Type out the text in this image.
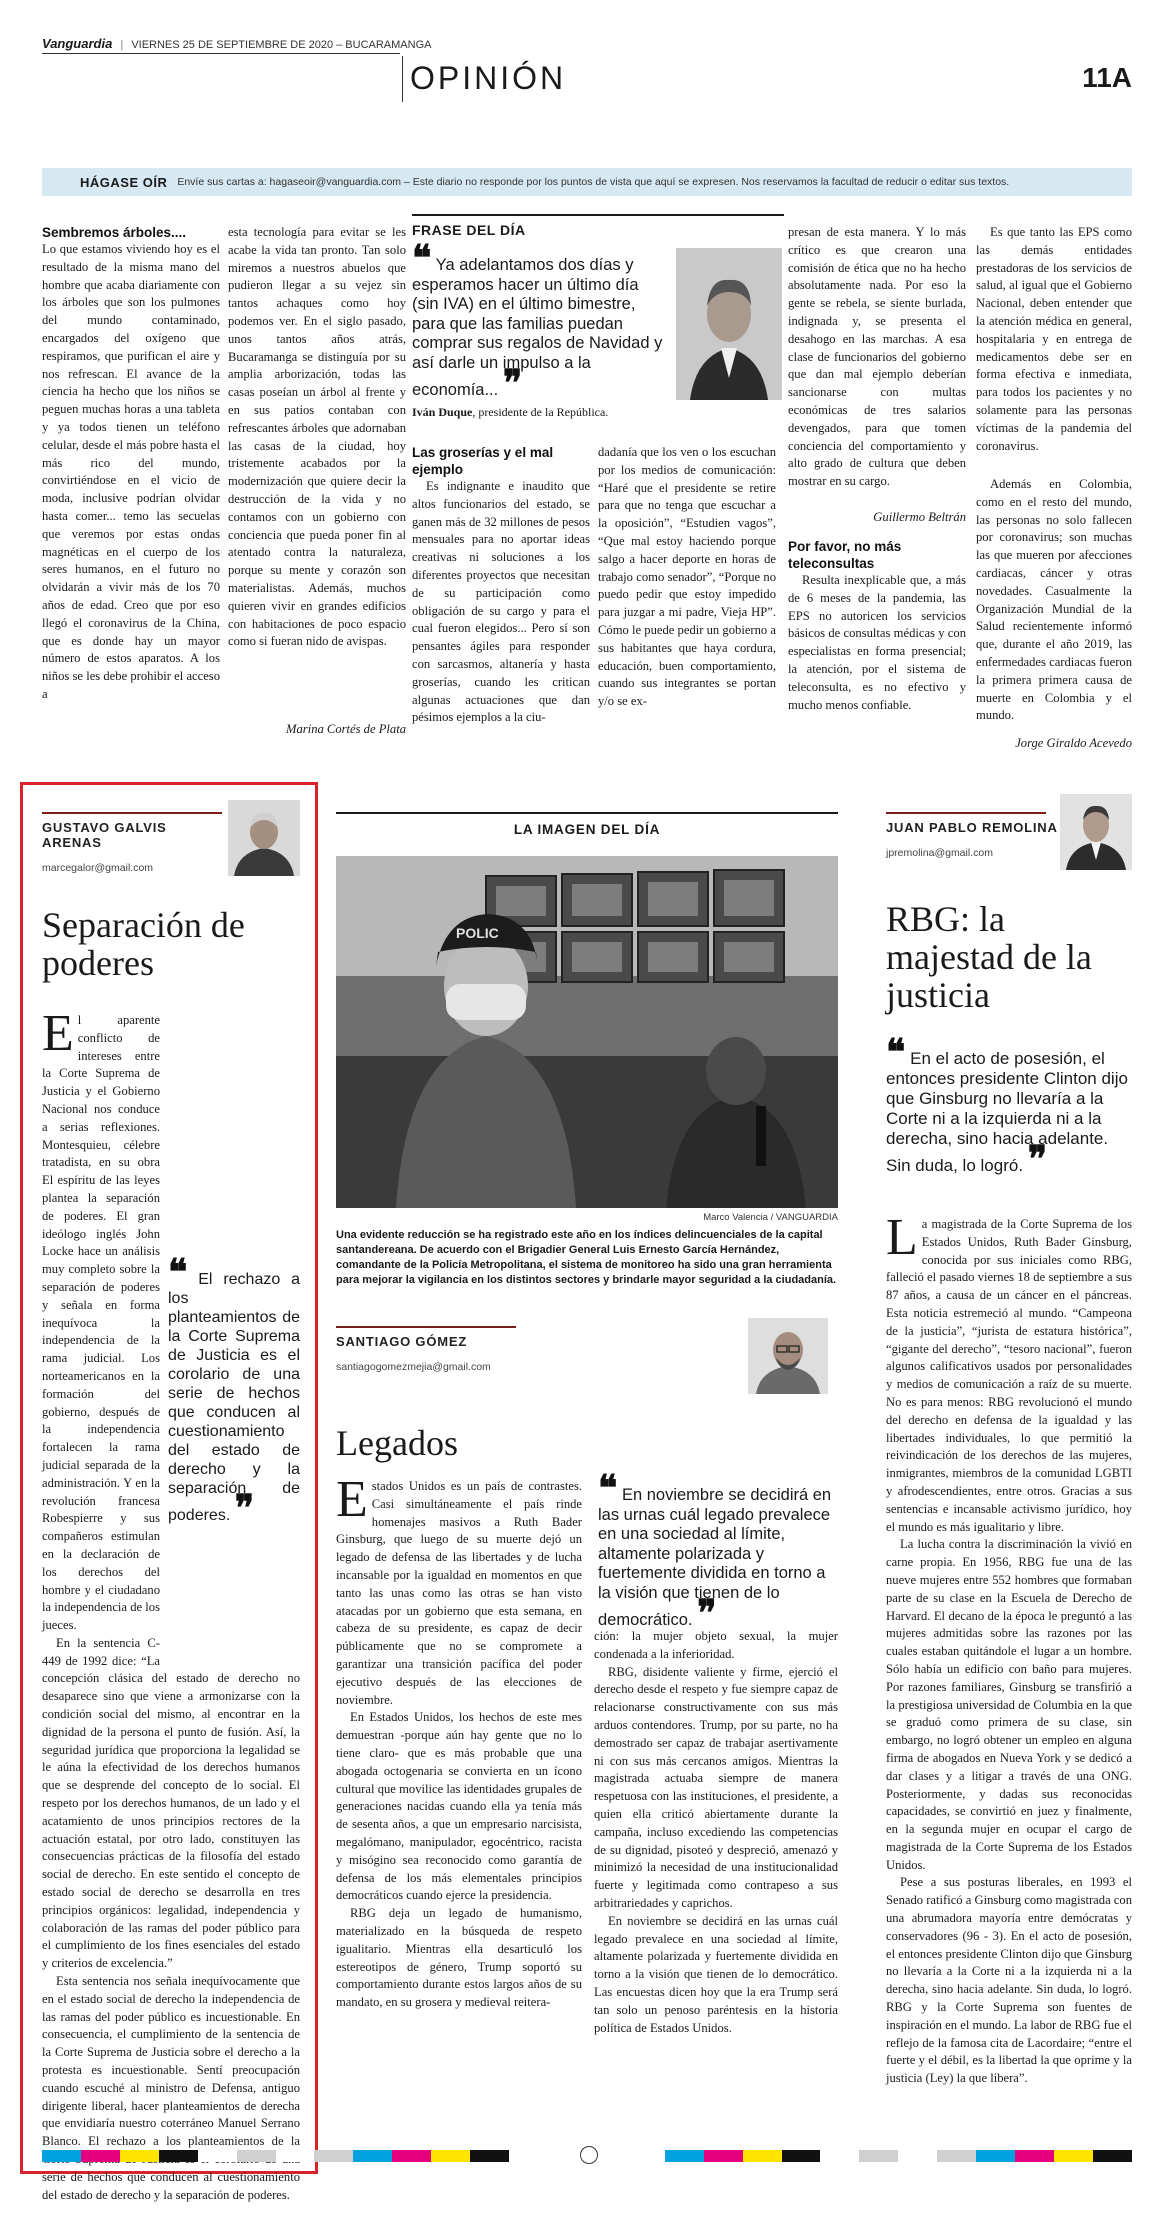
Vanguardia | VIERNES 25 DE SEPTIEMBRE DE 2020 – BUCARAMANGA
OPINIÓN	11A
HÁGASE OÍR Envíe sus cartas a: hagaseoir@vanguardia.com – Este diario no responde por los puntos de vista que aquí se expresen. Nos reservamos la facultad de reducir o editar sus textos.
Sembremos árboles....

Lo que estamos viviendo hoy es el resultado de la misma mano del hombre que acaba diariamente con los árboles que son los pulmones del mundo contaminado, encargados del oxígeno que respiramos, que purifican el aire y nos refrescan. El avance de la ciencia ha hecho que los niños se peguen muchas horas a una tableta y ya todos tienen un teléfono celular, desde el más pobre hasta el más rico del mundo, convirtiéndose en el vicio de moda, inclusive podrían olvidar hasta comer... temo las secuelas que veremos por estas ondas magnéticas en el cuerpo de los seres humanos, en el futuro no olvidarán a vivir más de los 70 años de edad. Creo que por eso llegó el coronavirus de la China, que es donde hay un mayor número de estos aparatos. A los niños se les debe prohibir el acceso a

esta tecnología para evitar se les acabe la vida tan pronto. Tan solo miremos a nuestros abuelos que pudieron llegar a su vejez sin tantos achaques como hoy podemos ver. En el siglo pasado, unos tantos años atrás, Bucaramanga se distinguía por su amplia arborización, todas las casas poseían un árbol al frente y en sus patios contaban con refrescantes árboles que adornaban las casas de la ciudad, hoy tristemente acabados por la modernización que quiere decir la destrucción de la vida y no contamos con un gobierno con conciencia que pueda poner fin al atentado contra la naturaleza, porque su mente y corazón son materialistas. Además, muchos quieren vivir en grandes edificios con habitaciones de poco espacio como si fueran nido de avispas.

Marina Cortés de Plata
FRASE DEL DÍA
❝ Ya adelantamos dos días y esperamos hacer un último día (sin IVA) en el último bimestre, para que las familias puedan comprar sus regalos de Navidad y así darle un impulso a la economía... ❞
Iván Duque, presidente de la República.
Las groserías y el mal ejemplo

Es indignante e inaudito que altos funcionarios del estado, se ganen más de 32 millones de pesos mensuales para no aportar ideas creativas ni soluciones a los diferentes proyectos que necesitan de su participación como obligación de su cargo y para el cual fueron elegidos... Pero sí son pensantes ágiles para responder con sarcasmos, altanería y hasta groserías, cuando les critican algunas actuaciones que dan pésimos ejemplos a la ciu-

dadanía que los ven o los escuchan por los medios de comunicación: “Haré que el presidente se retire para que no tenga que escuchar a la oposición”, “Estudien vagos”, “Que mal estoy haciendo porque salgo a hacer deporte en horas de trabajo como senador”, “Porque no puedo pedir que estoy impedido para juzgar a mi padre, Vieja HP”. Cómo le puede pedir un gobierno a sus habitantes que haya cordura, educación, buen comportamiento, cuando sus integrantes se portan y/o se ex-

presan de esta manera. Y lo más crítico es que crearon una comisión de ética que no ha hecho absolutamente nada. Por eso la gente se rebela, se siente burlada, indignada y, se presenta el desahogo en las marchas. A esa clase de funcionarios del gobierno que dan mal ejemplo deberían sancionarse con multas económicas de tres salarios devengados, para que tomen conciencia del comportamiento y alto grado de cultura que deben mostrar en su cargo.

Guillermo Beltrán
Por favor, no más teleconsultas

Resulta inexplicable que, a más de 6 meses de la pandemia, las EPS no autoricen los servicios básicos de consultas médicas y con especialistas en forma presencial; la atención, por el sistema de teleconsulta, es no efectivo y mucho menos confiable.

Es que tanto las EPS como las demás entidades prestadoras de los servicios de salud, al igual que el Gobierno Nacional, deben entender que la atención médica en general, hospitalaria y en entrega de medicamentos debe ser en forma efectiva e inmediata, para todos los pacientes y no solamente para las personas víctimas de la pandemia del coronavirus.

Además en Colombia, como en el resto del mundo, las personas no solo fallecen por coronavirus; son muchas las que mueren por afecciones cardiacas, cáncer y otras novedades. Casualmente la Organización Mundial de la Salud recientemente informó que, durante el año 2019, las enfermedades cardiacas fueron la primera primera causa de muerte en Colombia y el mundo.

Jorge Giraldo Acevedo
GUSTAVO GALVIS ARENAS
marcegalor@gmail.com
Separación de poderes
❝ El rechazo a los planteamientos de la Corte Suprema de Justicia es el corolario de una serie de hechos que conducen al cuestionamiento del estado de derecho y la separación de poderes. ❞

El aparente conflicto de intereses entre la Corte Suprema de Justicia y el Gobierno Nacional nos conduce a serias reflexiones. Montesquieu, célebre tratadista, en su obra El espíritu de las leyes plantea la separación de poderes. El gran ideólogo inglés John Locke hace un análisis muy completo sobre la separación de poderes y señala en forma inequívoca la independencia de la rama judicial. Los norteamericanos en la formación del gobierno, después de la independencia fortalecen la rama judicial separada de la administración. Y en la revolución francesa Robespierre y sus compañeros estimulan en la declaración de los derechos del hombre y el ciudadano la independencia de los jueces.

En la sentencia C-449 de 1992 dice: “La concepción clásica del estado de derecho no desaparece sino que viene a armonizarse con la condición social del mismo, al encontrar en la dignidad de la persona el punto de fusión. Así, la seguridad jurídica que proporciona la legalidad se le aúna la efectividad de los derechos humanos que se desprende del concepto de lo social. El respeto por los derechos humanos, de un lado y el acatamiento de unos principios rectores de la actuación estatal, por otro lado, constituyen las consecuencias prácticas de la filosofía del estado social de derecho. En este sentido el concepto de estado social de derecho se desarrolla en tres principios orgánicos: legalidad, independencia y colaboración de las ramas del poder público para el cumplimiento de los fines esenciales del estado y criterios de excelencia.”

Esta sentencia nos señala inequívocamente que en el estado social de derecho la independencia de las ramas del poder público es incuestionable. En consecuencia, el cumplimiento de la sentencia de la Corte Suprema de Justicia sobre el derecho a la protesta es incuestionable. Sentí preocupación cuando escuché al ministro de Defensa, antiguo dirigente liberal, hacer planteamientos de derecha que envidiaría nuestro coterráneo Manuel Serrano Blanco. El rechazo a los planteamientos de la serie de hechos que conducen al cuestionamiento del estado de derecho y la separación de poderes.

LA IMAGEN DEL DÍA
POLIC
Marco Valencia / VANGUARDIA
Una evidente reducción se ha registrado este año en los índices delincuenciales de la capital santandereana. De acuerdo con el Brigadier General Luis Ernesto García Hernández, comandante de la Policía Metropolitana, el sistema de monitoreo ha sido una gran herramienta para mejorar la vigilancia en los distintos sectores y brindarle mayor seguridad a la ciudadanía.
SANTIAGO GÓMEZ
santiagogomezmejia@gmail.com
Legados

Estados Unidos es un país de contrastes. Casi simultáneamente el país rinde homenajes masivos a Ruth Bader Ginsburg, que luego de su muerte dejó un legado de defensa de las libertades y de lucha incansable por la igualdad en momentos en que tanto las unas como las otras se han visto atacadas por un gobierno que esta semana, en cabeza de su presidente, es capaz de decir públicamente que no se compromete a garantizar una transición pacífica del poder ejecutivo después de las elecciones de noviembre.

En Estados Unidos, los hechos de este mes demuestran -porque aún hay gente que no lo tiene claro- que es más probable que una abogada octogenaria se convierta en un ícono cultural que movilice las identidades grupales de generaciones nacidas cuando ella ya tenía más de sesenta años, a que un empresario narcisista, megalómano, manipulador, egocéntrico, racista y misógino sea reconocido como garantía de defensa de los más elementales principios democráticos cuando ejerce la presidencia.

RBG deja un legado de humanismo, materializado en la búsqueda de respeto igualitario. Mientras ella desarticuló los estereotipos de género, Trump soportó su comportamiento durante estos largos años de su mandato, en su grosera y medieval reitera-

❝ En noviembre se decidirá en las urnas cuál legado prevalece en una sociedad al límite, altamente polarizada y fuertemente dividida en torno a la visión que tienen de lo democrático. ❞

ción: la mujer objeto sexual, la mujer condenada a la inferioridad.

RBG, disidente valiente y firme, ejerció el derecho desde el respeto y fue siempre capaz de relacionarse constructivamente con sus más arduos contendores. Trump, por su parte, no ha demostrado ser capaz de trabajar asertivamente ni con sus más cercanos amigos. Mientras la magistrada actuaba siempre de manera respetuosa con las instituciones, el presidente, a quien ella criticó abiertamente durante la campaña, incluso excediendo las competencias de su dignidad, pisoteó y despreció, amenazó y minimizó la necesidad de una institucionalidad fuerte y legitimada como contrapeso a sus arbitrariedades y caprichos.

En noviembre se decidirá en las urnas cuál legado prevalece en una sociedad al límite, altamente polarizada y fuertemente dividida en torno a la visión que tienen de lo democrático. Las encuestas dicen hoy que la era Trump será tan solo un penoso paréntesis en la historia política de Estados Unidos.

JUAN PABLO REMOLINA
jpremolina@gmail.com
RBG: la majestad de la justicia
❝ En el acto de posesión, el entonces presidente Clinton dijo que Ginsburg no llevaría a la Corte ni a la izquierda ni a la derecha, sino hacia adelante. Sin duda, lo logró. ❞

La magistrada de la Corte Suprema de los Estados Unidos, Ruth Bader Ginsburg, conocida por sus iniciales como RBG, falleció el pasado viernes 18 de septiembre a sus 87 años, a causa de un cáncer en el páncreas. Esta noticia estremeció al mundo. “Campeona de la justicia”, “jurista de estatura histórica”, “gigante del derecho”, “tesoro nacional”, fueron algunos calificativos usados por personalidades y medios de comunicación a raíz de su muerte. No es para menos: RBG revolucionó el mundo del derecho en defensa de la igualdad y las libertades individuales, lo que permitió la reivindicación de los derechos de las mujeres, inmigrantes, miembros de la comunidad LGBTI y afrodescendientes, entre otros. Gracias a sus sentencias e incansable activismo jurídico, hoy el mundo es más igualitario y libre.

La lucha contra la discriminación la vivió en carne propia. En 1956, RBG fue una de las nueve mujeres entre 552 hombres que formaban parte de su clase en la Escuela de Derecho de Harvard. El decano de la época le preguntó a las mujeres admitidas sobre las razones por las cuales estaban quitándole el lugar a un hombre. Sólo había un edificio con baño para mujeres. Por razones familiares, Ginsburg se transfirió a la prestigiosa universidad de Columbia en la que se graduó como primera de su clase, sin embargo, no logró obtener un empleo en alguna firma de abogados en Nueva York y se dedicó a dar clases y a litigar a través de una ONG. Posteriormente, y dadas sus reconocidas capacidades, se convirtió en juez y finalmente, en la segunda mujer en ocupar el cargo de magistrada de la Corte Suprema de los Estados Unidos.

Pese a sus posturas liberales, en 1993 el Senado ratificó a Ginsburg como magistrada con una abrumadora mayoría entre demócratas y conservadores (96 - 3). En el acto de posesión, el entonces presidente Clinton dijo que Ginsburg no llevaría a la Corte ni a la izquierda ni a la derecha, sino hacia adelante. Sin duda, lo logró. RBG y la Corte Suprema son fuentes de inspiración en el mundo. La labor de RBG fue el reflejo de la famosa cita de Lacordaire; “entre el fuerte y el débil, es la libertad la que oprime y la justicia (Ley) la que libera”.
